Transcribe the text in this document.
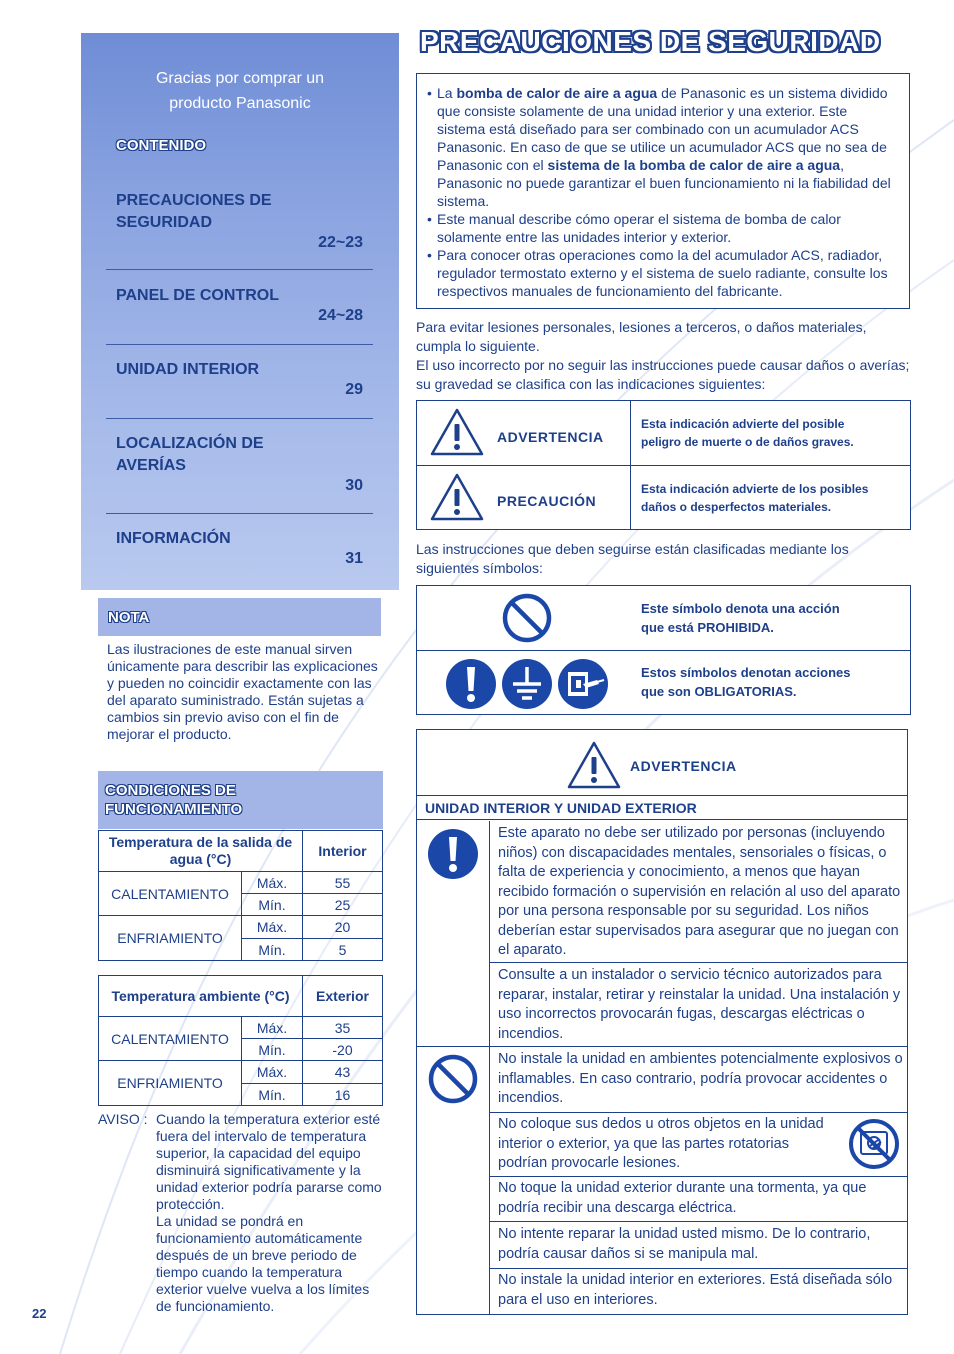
Gracias por comprar un
producto Panasonic
CONTENIDO
PRECAUCIONES DE
SEGURIDAD
22~23
PANEL DE CONTROL
24~28
UNIDAD INTERIOR
29
LOCALIZACIÓN DE
AVERÍAS
30
INFORMACIÓN
31
NOTA
Las ilustraciones de este manual sirven únicamente para describir las explicaciones y pueden no coincidir exactamente con las del aparato suministrado. Están sujetas a cambios sin previo aviso con el fin de mejorar el producto.
CONDICIONES DE
FUNCIONAMIENTO
Temperatura de la salida de agua (°C)		Interior
CALENTAMIENTO	Máx.	55
	Mín.	25
ENFRIAMIENTO	Máx.	20
	Mín.	5
Temperatura ambiente (°C)		Exterior
CALENTAMIENTO	Máx.	35
	Mín.	-20
ENFRIAMIENTO	Máx.	43
	Mín.	16
AVISO : Cuando la temperatura exterior esté fuera del intervalo de temperatura superior, la capacidad del equipo disminuirá significativamente y la unidad exterior podría pararse como protección.
La unidad se pondrá en funcionamiento automáticamente después de un breve periodo de tiempo cuando la temperatura exterior vuelve vuelva a los límites de funcionamiento.
22
PRECAUCIONES DE SEGURIDAD
• La bomba de calor de aire a agua de Panasonic es un sistema dividido que consiste solamente de una unidad interior y una exterior. Este sistema está diseñado para ser combinado con un acumulador ACS Panasonic. En caso de que se utilice un acumulador ACS que no sea de Panasonic con el sistema de la bomba de calor de aire a agua, Panasonic no puede garantizar el buen funcionamiento ni la fiabilidad del sistema.
• Este manual describe cómo operar el sistema de bomba de calor solamente entre las unidades interior y exterior.
• Para conocer otras operaciones como la del acumulador ACS, radiador, regulador termostato externo y el sistema de suelo radiante, consulte los respectivos manuales de funcionamiento del fabricante.
Para evitar lesiones personales, lesiones a terceros, o daños materiales, cumpla lo siguiente.
El uso incorrecto por no seguir las instrucciones puede causar daños o averías; su gravedad se clasifica con las indicaciones siguientes:
ADVERTENCIA
Esta indicación advierte del posible
peligro de muerte o de daños graves.
PRECAUCIÓN
Esta indicación advierte de los posibles
daños o desperfectos materiales.
Las instrucciones que deben seguirse están clasificadas mediante los siguientes símbolos:
Este símbolo denota una acción
que está PROHIBIDA.
Estos símbolos denotan acciones
que son OBLIGATORIAS.
ADVERTENCIA
UNIDAD INTERIOR Y UNIDAD EXTERIOR
Este aparato no debe ser utilizado por personas (incluyendo niños) con discapacidades mentales, sensoriales o físicas, o falta de experiencia y conocimiento, a menos que hayan recibido formación o supervisión en relación al uso del aparato por una persona responsable por su seguridad. Los niños deberían estar supervisados para asegurar que no juegan con el aparato.
Consulte a un instalador o servicio técnico autorizados para reparar, instalar, retirar y reinstalar la unidad. Una instalación y uso incorrectos provocarán fugas, descargas eléctricas o incendios.
No instale la unidad en ambientes potencialmente explosivos o inflamables. En caso contrario, podría provocar accidentes o incendios.
No coloque sus dedos u otros objetos en la unidad interior o exterior, ya que las partes rotatorias podrían provocarle lesiones.
No toque la unidad exterior durante una tormenta, ya que podría recibir una descarga eléctrica.
No intente reparar la unidad usted mismo. De lo contrario, podría causar daños si se manipula mal.
No instale la unidad interior en exteriores. Está diseñada sólo para el uso en interiores.
